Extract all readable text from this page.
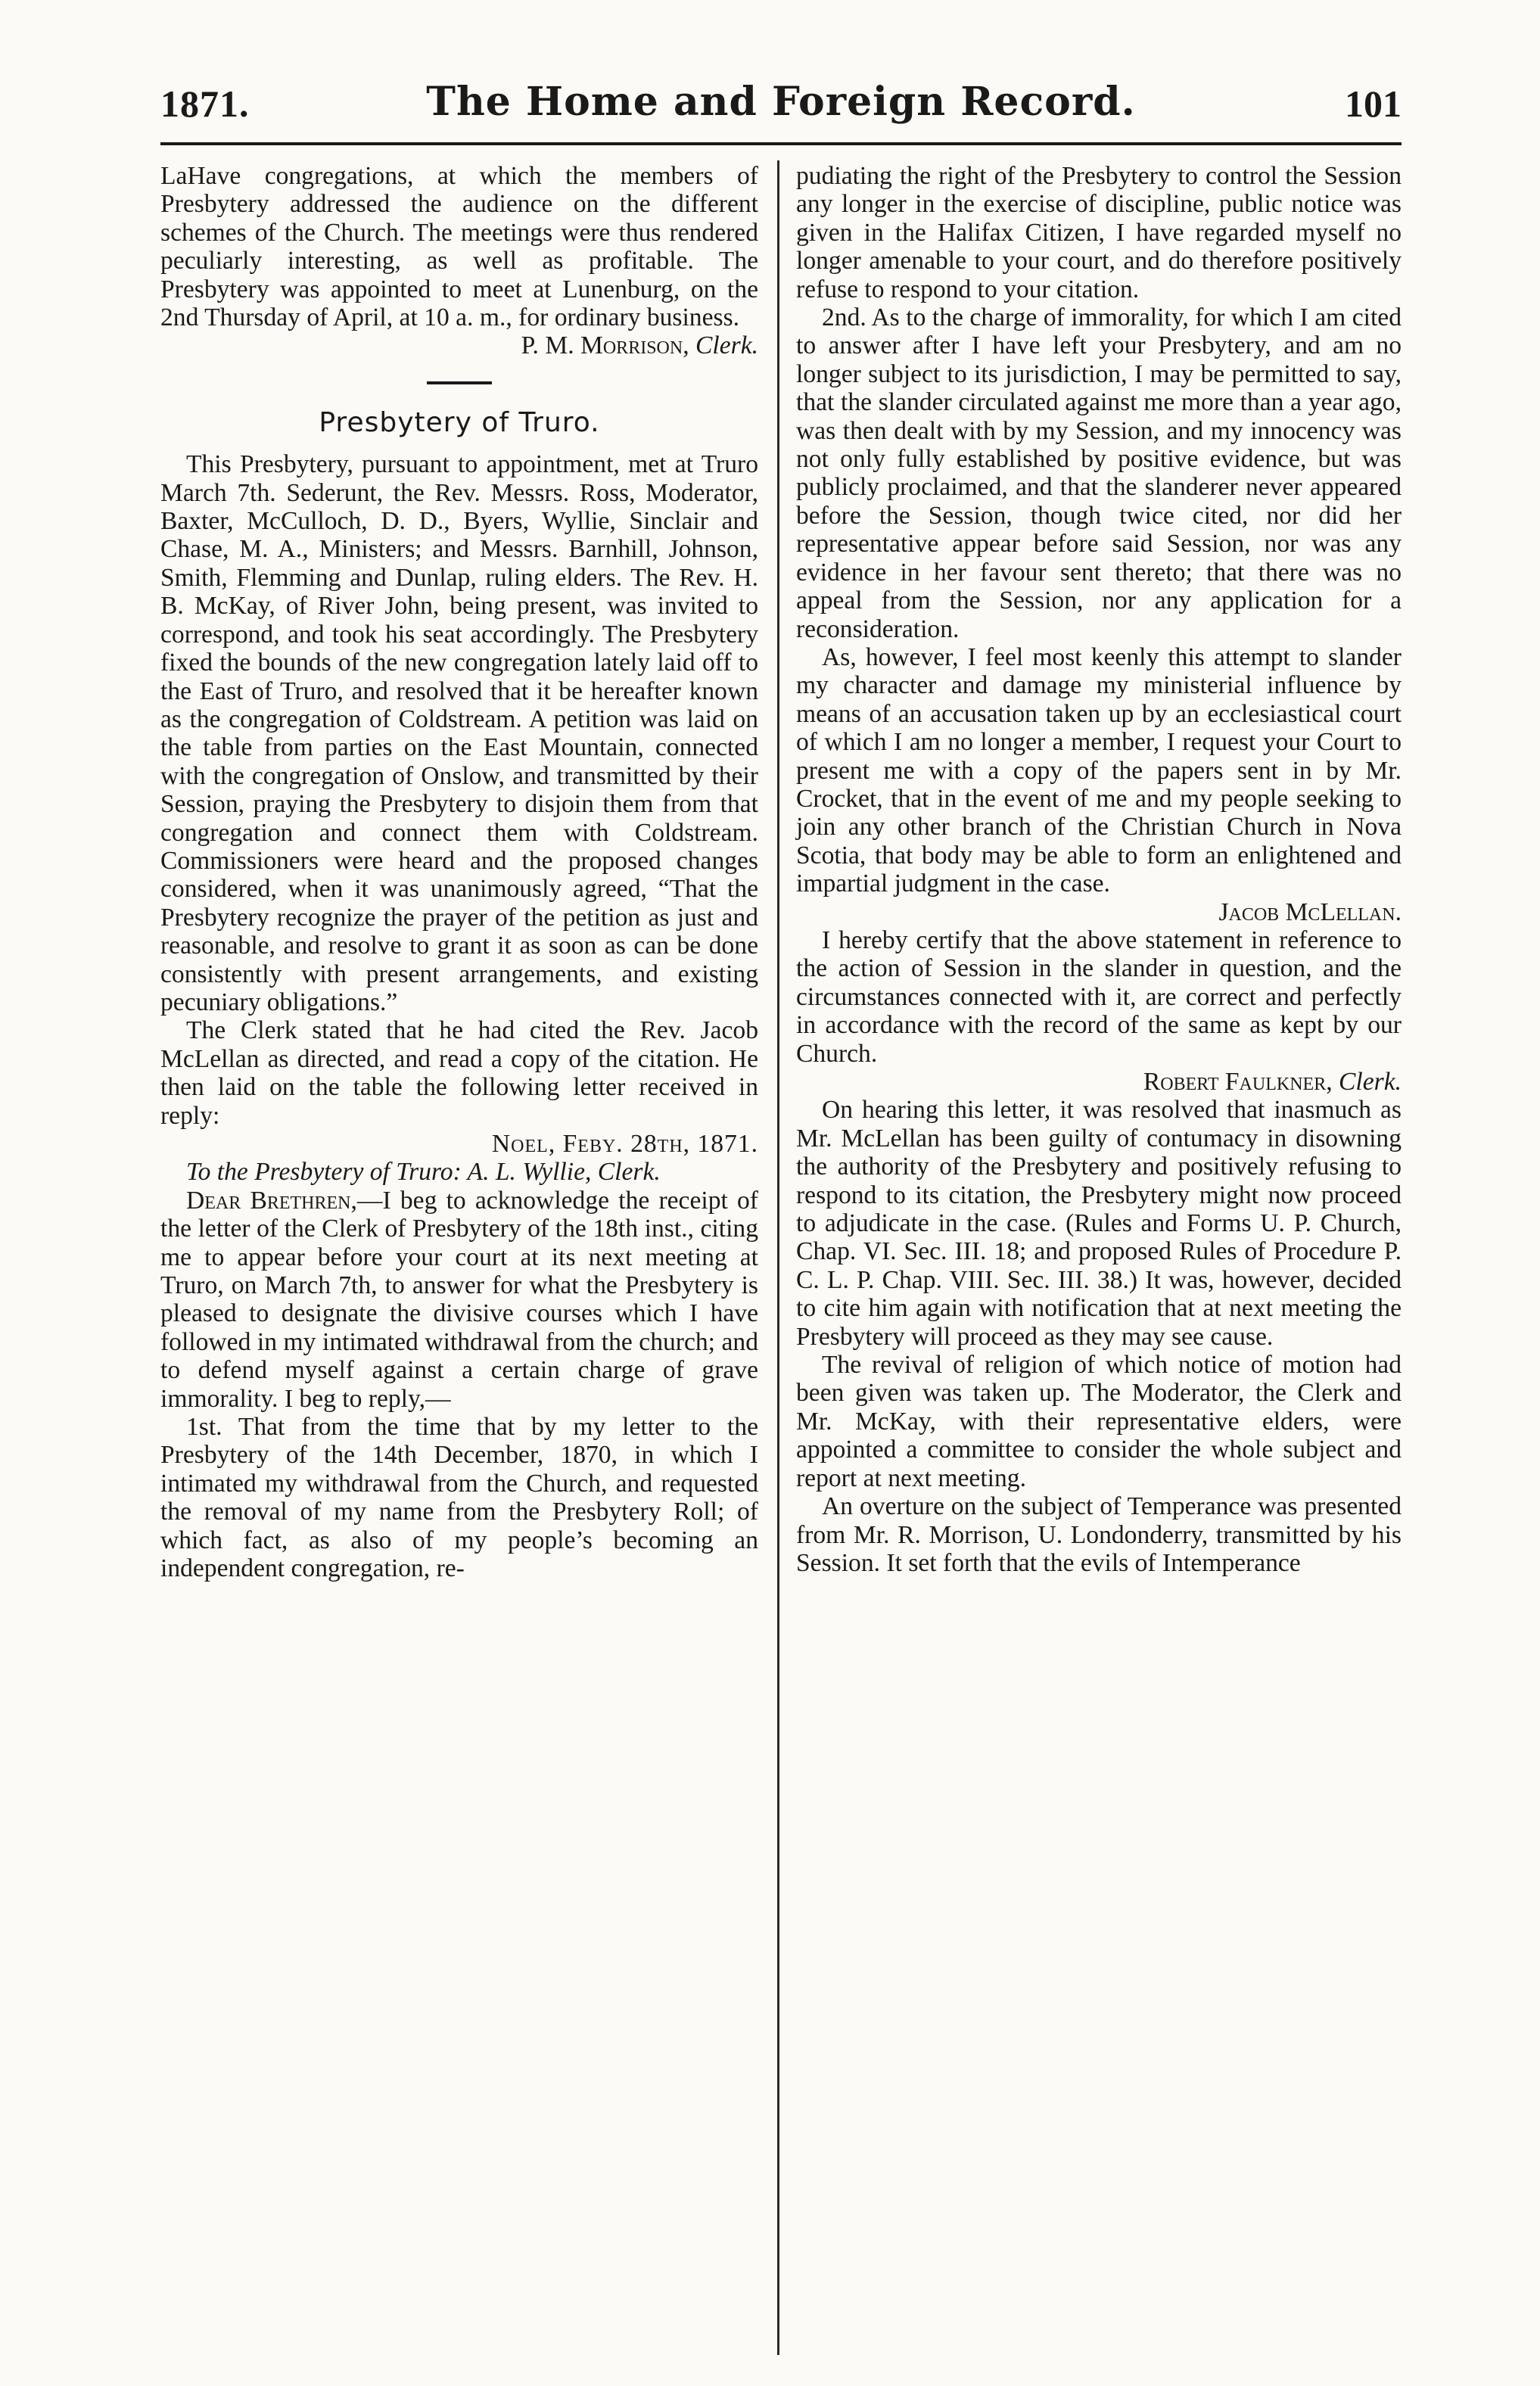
1871.	The Home and Foreign Record.	101

LaHave congregations, at which the members of Presbytery addressed the audience on the different schemes of the Church. The meetings were thus rendered peculiarly interesting, as well as profitable. The Presbytery was appointed to meet at Lunenburg, on the 2nd Thursday of April, at 10 a. m., for ordinary business.

P. M. Morrison, Clerk.

Presbytery of Truro.

This Presbytery, pursuant to appointment, met at Truro March 7th. Sederunt, the Rev. Messrs. Ross, Moderator, Baxter, McCulloch, D. D., Byers, Wyllie, Sinclair and Chase, M. A., Ministers; and Messrs. Barnhill, Johnson, Smith, Flemming and Dunlap, ruling elders. The Rev. H. B. McKay, of River John, being present, was invited to correspond, and took his seat accordingly. The Presbytery fixed the bounds of the new congregation lately laid off to the East of Truro, and resolved that it be hereafter known as the congregation of Coldstream. A petition was laid on the table from parties on the East Mountain, connected with the congregation of Onslow, and transmitted by their Session, praying the Presbytery to disjoin them from that congregation and connect them with Coldstream. Commissioners were heard and the proposed changes considered, when it was unanimously agreed, “That the Presbytery recognize the prayer of the petition as just and reasonable, and resolve to grant it as soon as can be done consistently with present arrangements, and existing pecuniary obligations.”

The Clerk stated that he had cited the Rev. Jacob McLellan as directed, and read a copy of the citation. He then laid on the table the following letter received in reply:

Noel, Feby. 28th, 1871.

To the Presbytery of Truro: A. L. Wyllie, Clerk.

Dear Brethren,—I beg to acknowledge the receipt of the letter of the Clerk of Presbytery of the 18th inst., citing me to appear before your court at its next meeting at Truro, on March 7th, to answer for what the Presbytery is pleased to designate the divisive courses which I have followed in my intimated withdrawal from the church; and to defend myself against a certain charge of grave immorality. I beg to reply,—

1st. That from the time that by my letter to the Presbytery of the 14th December, 1870, in which I intimated my withdrawal from the Church, and requested the removal of my name from the Presbytery Roll; of which fact, as also of my people’s becoming an independent congregation, re-

pudiating the right of the Presbytery to control the Session any longer in the exercise of discipline, public notice was given in the Halifax Citizen, I have regarded myself no longer amenable to your court, and do therefore positively refuse to respond to your citation.

2nd. As to the charge of immorality, for which I am cited to answer after I have left your Presbytery, and am no longer subject to its jurisdiction, I may be permitted to say, that the slander circulated against me more than a year ago, was then dealt with by my Session, and my innocency was not only fully established by positive evidence, but was publicly proclaimed, and that the slanderer never appeared before the Session, though twice cited, nor did her representative appear before said Session, nor was any evidence in her favour sent thereto; that there was no appeal from the Session, nor any application for a reconsideration.

As, however, I feel most keenly this attempt to slander my character and damage my ministerial influence by means of an accusation taken up by an ecclesiastical court of which I am no longer a member, I request your Court to present me with a copy of the papers sent in by Mr. Crocket, that in the event of me and my people seeking to join any other branch of the Christian Church in Nova Scotia, that body may be able to form an enlightened and impartial judgment in the case.

Jacob McLellan.

I hereby certify that the above statement in reference to the action of Session in the slander in question, and the circumstances connected with it, are correct and perfectly in accordance with the record of the same as kept by our Church.

Robert Faulkner, Clerk.

On hearing this letter, it was resolved that inasmuch as Mr. McLellan has been guilty of contumacy in disowning the authority of the Presbytery and positively refusing to respond to its citation, the Presbytery might now proceed to adjudicate in the case. (Rules and Forms U. P. Church, Chap. VI. Sec. III. 18; and proposed Rules of Procedure P. C. L. P. Chap. VIII. Sec. III. 38.) It was, however, decided to cite him again with notification that at next meeting the Presbytery will proceed as they may see cause.

The revival of religion of which notice of motion had been given was taken up. The Moderator, the Clerk and Mr. McKay, with their representative elders, were appointed a committee to consider the whole subject and report at next meeting.

An overture on the subject of Temperance was presented from Mr. R. Morrison, U. Londonderry, transmitted by his Session. It set forth that the evils of Intemperance
